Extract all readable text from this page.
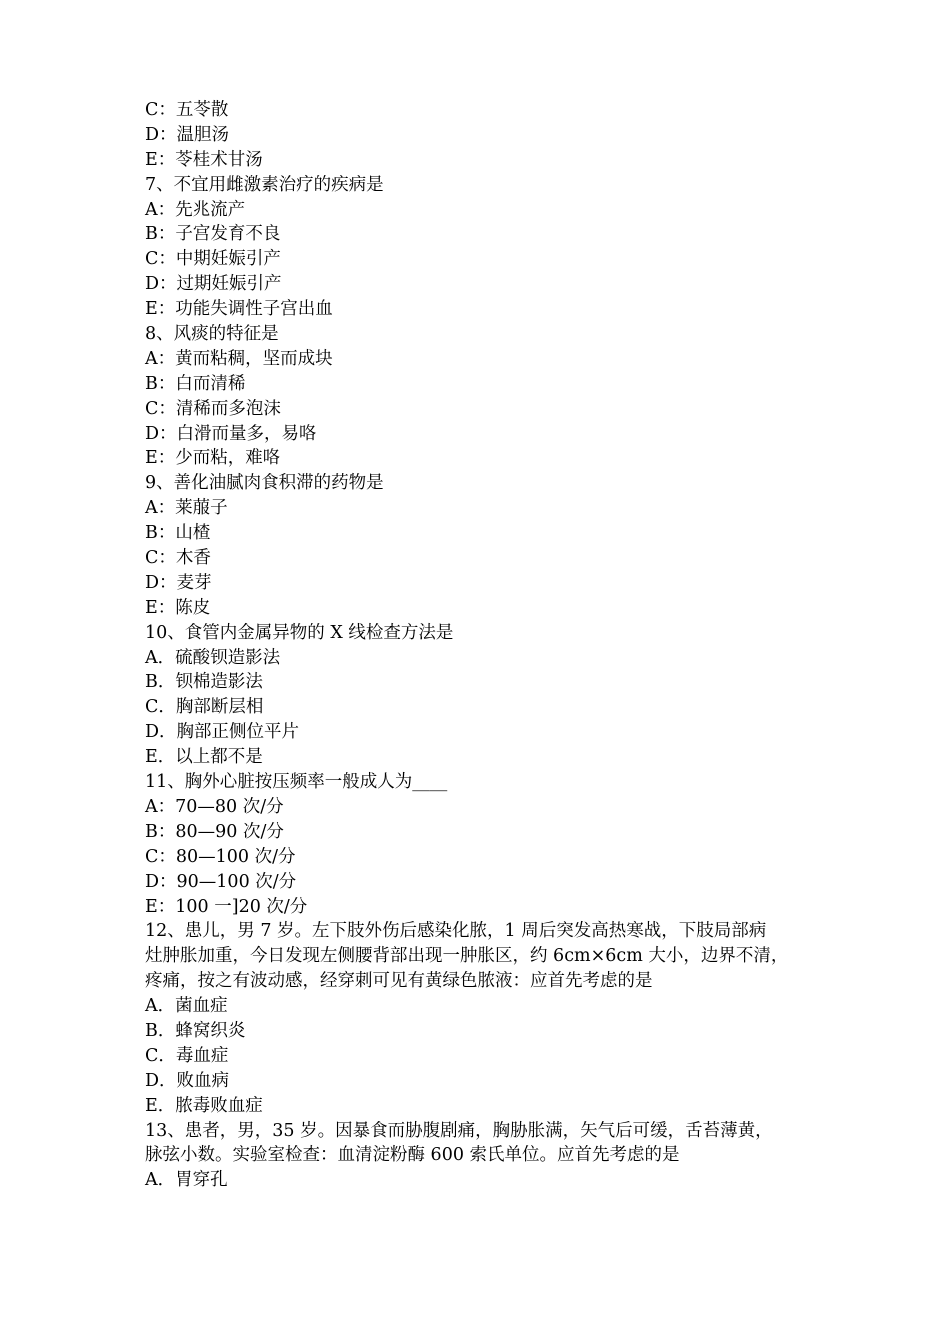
C：五苓散
D：温胆汤
E：苓桂术甘汤
7、不宜用雌激素治疗的疾病是
A：先兆流产
B：子宫发育不良
C：中期妊娠引产
D：过期妊娠引产
E：功能失调性子宫出血
8、风痰的特征是
A：黄而粘稠，坚而成块
B：白而清稀
C：清稀而多泡沫
D：白滑而量多，易咯
E：少而粘，难咯
9、善化油腻肉食积滞的药物是
A：莱菔子
B：山楂
C：木香
D：麦芽
E：陈皮
10、食管内金属异物的 X 线检查方法是
A．硫酸钡造影法
B．钡棉造影法
C．胸部断层相
D．胸部正侧位平片
E．以上都不是
11、胸外心脏按压频率一般成人为____
A：70—80 次/分
B：80—90 次/分
C：80—100 次/分
D：90—100 次/分
E：100 一]20 次/分
12、患儿，男 7 岁。左下肢外伤后感染化脓，1 周后突发高热寒战，下肢局部病
灶肿胀加重，今日发现左侧腰背部出现一肿胀区，约 6cm×6cm 大小，边界不清，
疼痛，按之有波动感，经穿刺可见有黄绿色脓液：应首先考虑的是
A．菌血症
B．蜂窝织炎
C．毒血症
D．败血病
E．脓毒败血症
13、患者，男，35 岁。因暴食而胁腹剧痛，胸胁胀满，矢气后可缓，舌苔薄黄，
脉弦小数。实验室检查：血清淀粉酶 600 索氏单位。应首先考虑的是
A．胃穿孔
